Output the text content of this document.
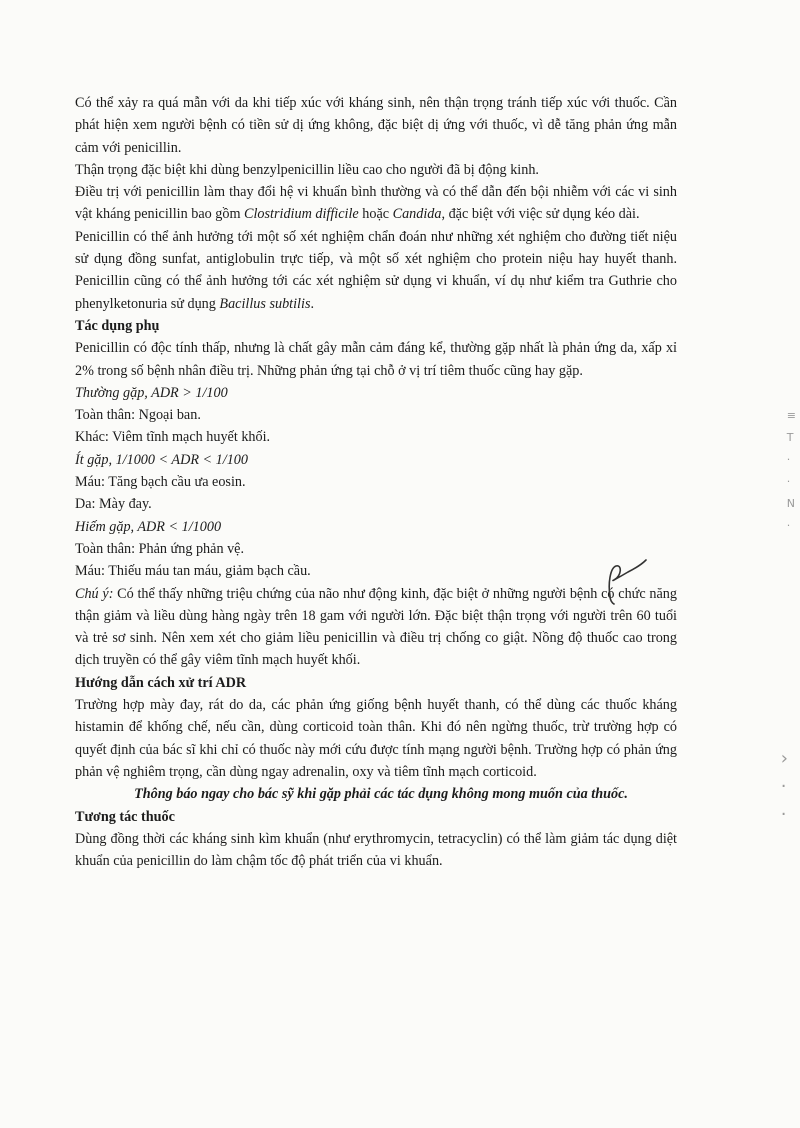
Có thể xảy ra quá mẫn với da khi tiếp xúc với kháng sinh, nên thận trọng tránh tiếp xúc với thuốc. Cần phát hiện xem người bệnh có tiền sử dị ứng không, đặc biệt dị ứng với thuốc, vì dễ tăng phản ứng mẫn cảm với penicillin.

Thận trọng đặc biệt khi dùng benzylpenicillin liều cao cho người đã bị động kinh.

Điều trị với penicillin làm thay đổi hệ vi khuẩn bình thường và có thể dẫn đến bội nhiễm với các vi sinh vật kháng penicillin bao gồm Clostridium difficile hoặc Candida, đặc biệt với việc sử dụng kéo dài.

Penicillin có thể ảnh hưởng tới một số xét nghiệm chẩn đoán như những xét nghiệm cho đường tiết niệu sử dụng đồng sunfat, antiglobulin trực tiếp, và một số xét nghiệm cho protein niệu hay huyết thanh. Penicillin cũng có thể ảnh hưởng tới các xét nghiệm sử dụng vi khuẩn, ví dụ như kiểm tra Guthrie cho phenylketonuria sử dụng Bacillus subtilis.

Tác dụng phụ

Penicillin có độc tính thấp, nhưng là chất gây mẫn cảm đáng kể, thường gặp nhất là phản ứng da, xấp xỉ 2% trong số bệnh nhân điều trị. Những phản ứng tại chỗ ở vị trí tiêm thuốc cũng hay gặp.

Thường gặp, ADR > 1/100

Toàn thân: Ngoại ban.

Khác: Viêm tĩnh mạch huyết khối.

Ít gặp, 1/1000 < ADR < 1/100

Máu: Tăng bạch cầu ưa eosin.

Da: Mày đay.

Hiếm gặp, ADR < 1/1000

Toàn thân: Phản ứng phản vệ.

Máu: Thiếu máu tan máu, giảm bạch cầu.

Chú ý: Có thể thấy những triệu chứng của não như động kinh, đặc biệt ở những người bệnh có chức năng thận giảm và liều dùng hàng ngày trên 18 gam với người lớn. Đặc biệt thận trọng với người trên 60 tuổi và trẻ sơ sinh. Nên xem xét cho giảm liều penicillin và điều trị chống co giật. Nồng độ thuốc cao trong dịch truyền có thể gây viêm tĩnh mạch huyết khối.

Hướng dẫn cách xử trí ADR

Trường hợp mày đay, rát do da, các phản ứng giống bệnh huyết thanh, có thể dùng các thuốc kháng histamin để khống chế, nếu cần, dùng corticoid toàn thân. Khi đó nên ngừng thuốc, trừ trường hợp có quyết định của bác sĩ khi chỉ có thuốc này mới cứu được tính mạng người bệnh. Trường hợp có phản ứng phản vệ nghiêm trọng, cần dùng ngay adrenalin, oxy và tiêm tĩnh mạch corticoid.

Thông báo ngay cho bác sỹ khi gặp phải các tác dụng không mong muốn của thuốc.

Tương tác thuốc

Dùng đồng thời các kháng sinh kìm khuẩn (như erythromycin, tetracyclin) có thể làm giảm tác dụng diệt khuẩn của penicillin do làm chậm tốc độ phát triển của vi khuẩn.

≡
T
·
·
N
·
›
·
·
